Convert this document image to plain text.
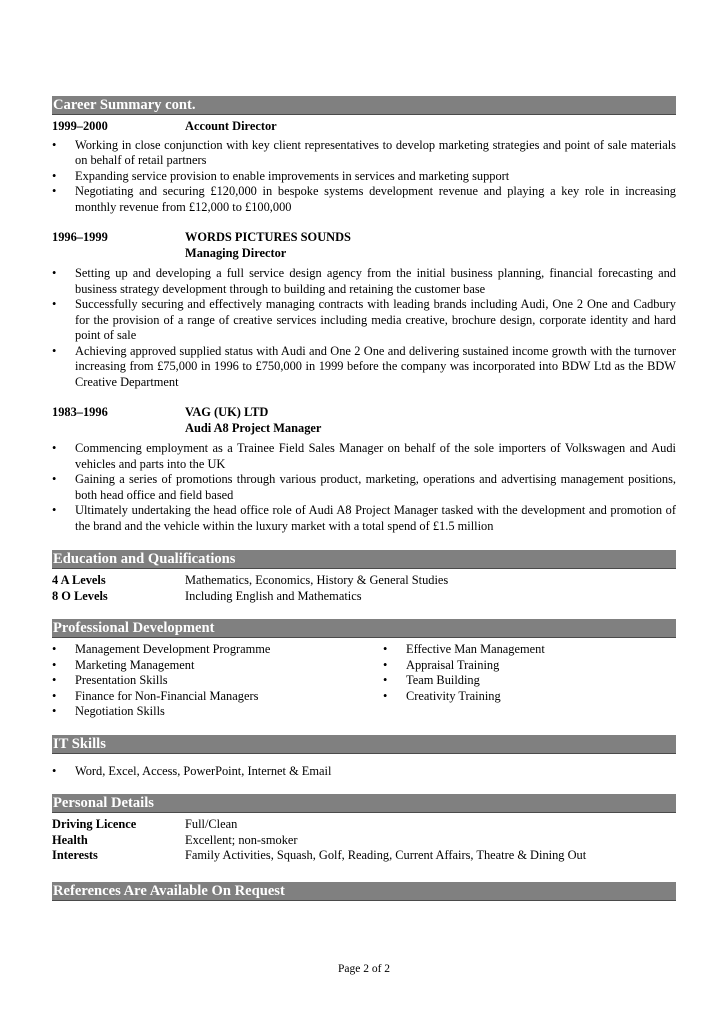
Career Summary cont.
1999–2000	Account Director
• Working in close conjunction with key client representatives to develop marketing strategies and point of sale materials on behalf of retail partners
• Expanding service provision to enable improvements in services and marketing support
• Negotiating and securing £120,000 in bespoke systems development revenue and playing a key role in increasing monthly revenue from £12,000 to £100,000
1996–1999	WORDS PICTURES SOUNDS
Managing Director
• Setting up and developing a full service design agency from the initial business planning, financial forecasting and business strategy development through to building and retaining the customer base
• Successfully securing and effectively managing contracts with leading brands including Audi, One 2 One and Cadbury for the provision of a range of creative services including media creative, brochure design, corporate identity and hard point of sale
• Achieving approved supplied status with Audi and One 2 One and delivering sustained income growth with the turnover increasing from £75,000 in 1996 to £750,000 in 1999 before the company was incorporated into BDW Ltd as the BDW Creative Department
1983–1996	VAG (UK) LTD
Audi A8 Project Manager
• Commencing employment as a Trainee Field Sales Manager on behalf of the sole importers of Volkswagen and Audi vehicles and parts into the UK
• Gaining a series of promotions through various product, marketing, operations and advertising management positions, both head office and field based
• Ultimately undertaking the head office role of Audi A8 Project Manager tasked with the development and promotion of the brand and the vehicle within the luxury market with a total spend of £1.5 million
Education and Qualifications
4 A Levels	Mathematics, Economics, History & General Studies
8 O Levels	Including English and Mathematics
Professional Development
• Management Development Programme
• Marketing Management
• Presentation Skills
• Finance for Non-Financial Managers
• Negotiation Skills
• Effective Man Management
• Appraisal Training
• Team Building
• Creativity Training
IT Skills
• Word, Excel, Access, PowerPoint, Internet & Email
Personal Details
Driving Licence	Full/Clean
Health	Excellent; non-smoker
Interests	Family Activities, Squash, Golf, Reading, Current Affairs, Theatre & Dining Out
References Are Available On Request
Page 2 of 2
